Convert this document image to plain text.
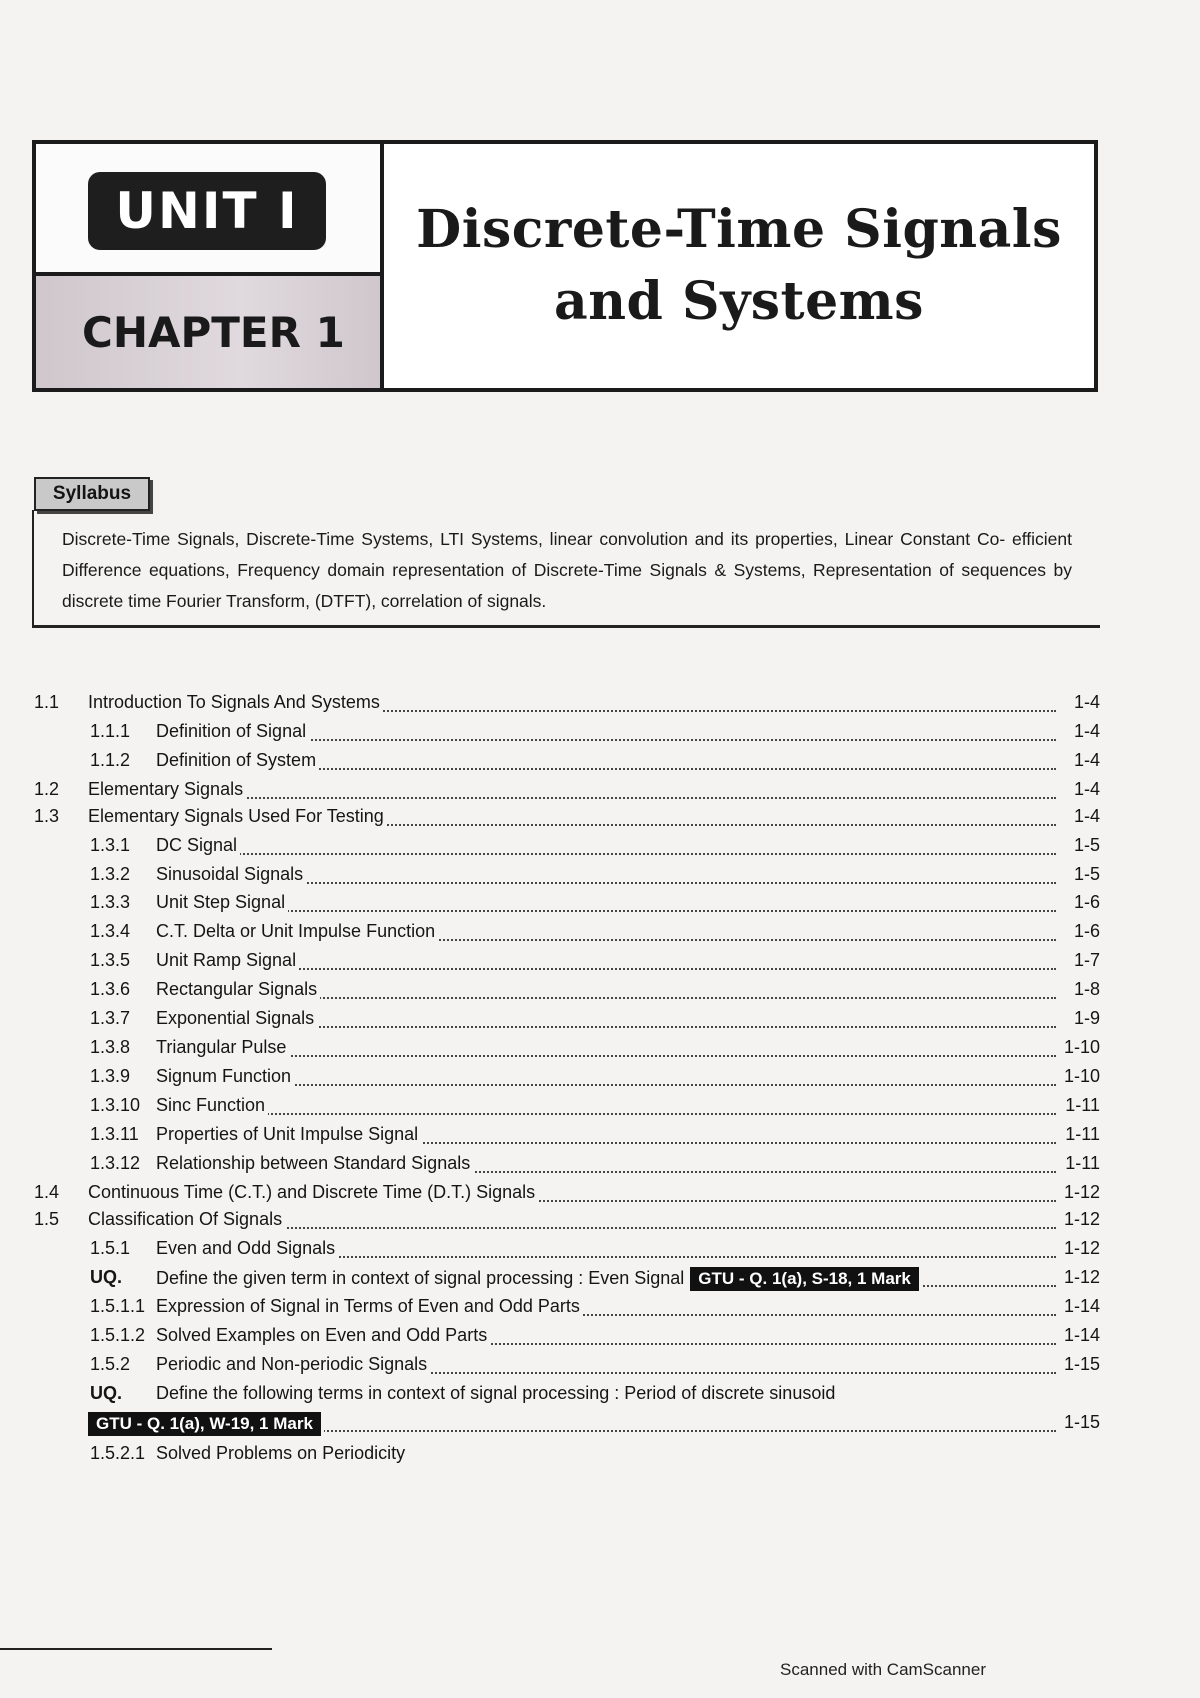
UNIT I
CHAPTER 1
Discrete-Time Signals
and Systems
Syllabus
Discrete-Time Signals, Discrete-Time Systems, LTI Systems, linear convolution and its properties, Linear Constant Co- efficient Difference equations, Frequency domain representation of Discrete-Time Signals & Systems, Representation of sequences by discrete time Fourier Transform, (DTFT), correlation of signals.
1.1 Introduction To Signals And Systems	1-4
1.1.1 Definition of Signal	1-4
1.1.2 Definition of System	1-4
1.2 Elementary Signals	1-4
1.3 Elementary Signals Used For Testing	1-4
1.3.1 DC Signal	1-5
1.3.2 Sinusoidal Signals	1-5
1.3.3 Unit Step Signal	1-6
1.3.4 C.T. Delta or Unit Impulse Function	1-6
1.3.5 Unit Ramp Signal	1-7
1.3.6 Rectangular Signals	1-8
1.3.7 Exponential Signals	1-9
1.3.8 Triangular Pulse	1-10
1.3.9 Signum Function	1-10
1.3.10 Sinc Function	1-11
1.3.11 Properties of Unit Impulse Signal	1-11
1.3.12 Relationship between Standard Signals	1-11
1.4 Continuous Time (C.T.) and Discrete Time (D.T.) Signals	1-12
1.5 Classification Of Signals	1-12
1.5.1 Even and Odd Signals	1-12
UQ. Define the given term in context of signal processing : Even Signal GTU - Q. 1(a), S-18, 1 Mark	1-12
1.5.1.1 Expression of Signal in Terms of Even and Odd Parts	1-14
1.5.1.2 Solved Examples on Even and Odd Parts	1-14
1.5.2 Periodic and Non-periodic Signals	1-15
UQ. Define the following terms in context of signal processing : Period of discrete sinusoid
GTU - Q. 1(a), W-19, 1 Mark	1-15
1.5.2.1 Solved Problems on Periodicity
Scanned with CamScanner
